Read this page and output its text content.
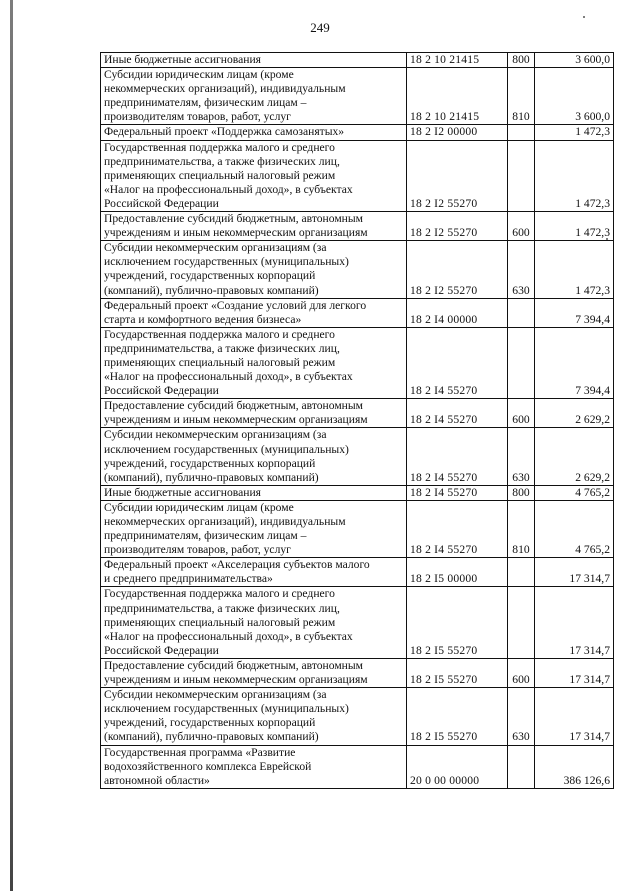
249
Иные бюджетные ассигнования	18 2 10 21415	800	3 600,0

Субсидии юридическим лицам (кроме
некоммерческих организаций), индивидуальным
предпринимателям, физическим лицам –
производителям товаров, работ, услуг	18 2 10 21415	810	3 600,0

Федеральный проект «Поддержка самозанятых»	18 2 I2 00000		1 472,3

Государственная поддержка малого и среднего
предпринимательства, а также физических лиц,
применяющих специальный налоговый режим
«Налог на профессиональный доход», в субъектах
Российской Федерации	18 2 I2 55270		1 472,3

Предоставление субсидий бюджетным, автономным
учреждениям и иным некоммерческим организациям	18 2 I2 55270	600	1 472,3

Субсидии некоммерческим организациям (за
исключением государственных (муниципальных)
учреждений, государственных корпораций
(компаний), публично-правовых компаний)	18 2 I2 55270	630	1 472,3

Федеральный проект «Создание условий для легкого
старта и комфортного ведения бизнеса»	18 2 I4 00000		7 394,4

Государственная поддержка малого и среднего
предпринимательства, а также физических лиц,
применяющих специальный налоговый режим
«Налог на профессиональный доход», в субъектах
Российской Федерации	18 2 I4 55270		7 394,4

Предоставление субсидий бюджетным, автономным
учреждениям и иным некоммерческим организациям	18 2 I4 55270	600	2 629,2

Субсидии некоммерческим организациям (за
исключением государственных (муниципальных)
учреждений, государственных корпораций
(компаний), публично-правовых компаний)	18 2 I4 55270	630	2 629,2

Иные бюджетные ассигнования	18 2 I4 55270	800	4 765,2

Субсидии юридическим лицам (кроме
некоммерческих организаций), индивидуальным
предпринимателям, физическим лицам –
производителям товаров, работ, услуг	18 2 I4 55270	810	4 765,2

Федеральный проект «Акселерация субъектов малого
и среднего предпринимательства»	18 2 I5 00000		17 314,7

Государственная поддержка малого и среднего
предпринимательства, а также физических лиц,
применяющих специальный налоговый режим
«Налог на профессиональный доход», в субъектах
Российской Федерации	18 2 I5 55270		17 314,7

Предоставление субсидий бюджетным, автономным
учреждениям и иным некоммерческим организациям	18 2 I5 55270	600	17 314,7

Субсидии некоммерческим организациям (за
исключением государственных (муниципальных)
учреждений, государственных корпораций
(компаний), публично-правовых компаний)	18 2 I5 55270	630	17 314,7

Государственная программа «Развитие
водохозяйственного комплекса Еврейской
автономной области»	20 0 00 00000		386 126,6
